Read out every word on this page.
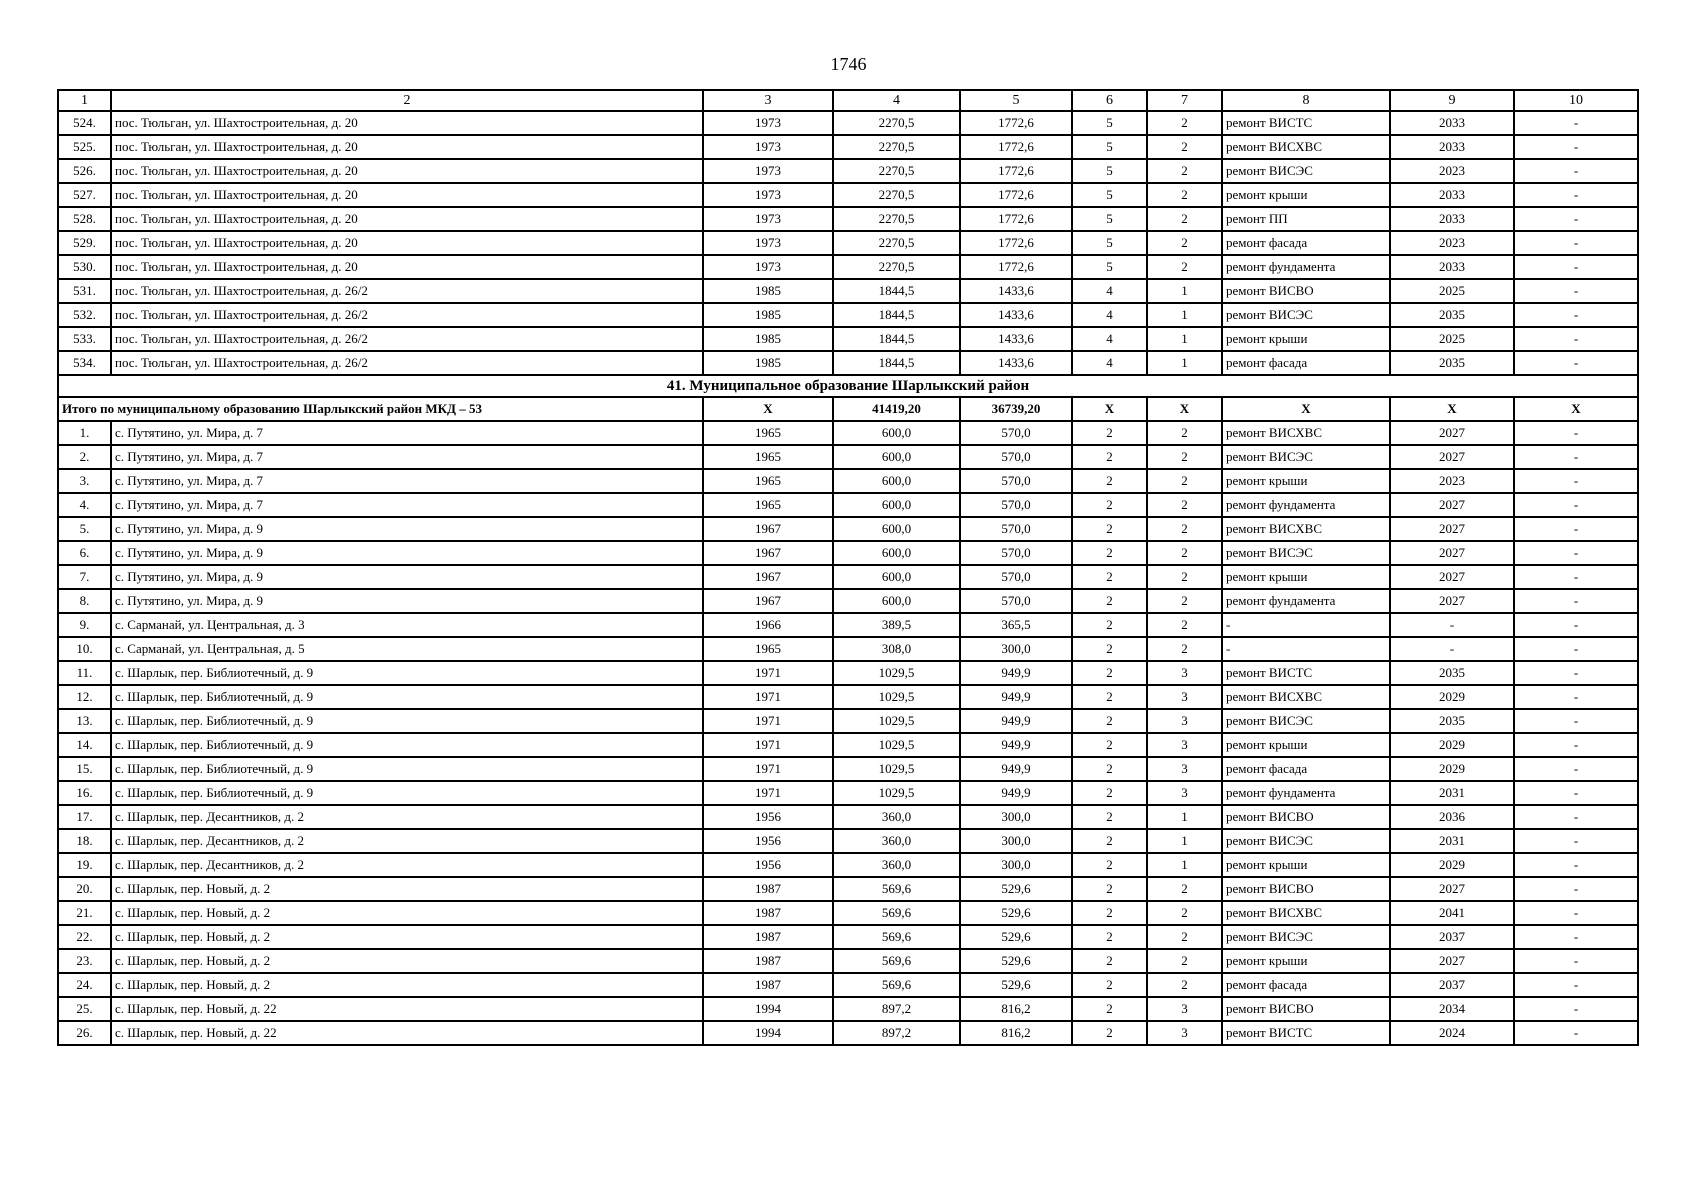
1746
1	2	3	4	5	6	7	8	9	10
524.	пос. Тюльган, ул. Шахтостроительная, д. 20	1973	2270,5	1772,6	5	2	ремонт ВИСТС	2033	-
525.	пос. Тюльган, ул. Шахтостроительная, д. 20	1973	2270,5	1772,6	5	2	ремонт ВИСХВС	2033	-
526.	пос. Тюльган, ул. Шахтостроительная, д. 20	1973	2270,5	1772,6	5	2	ремонт ВИСЭС	2023	-
527.	пос. Тюльган, ул. Шахтостроительная, д. 20	1973	2270,5	1772,6	5	2	ремонт крыши	2033	-
528.	пос. Тюльган, ул. Шахтостроительная, д. 20	1973	2270,5	1772,6	5	2	ремонт ПП	2033	-
529.	пос. Тюльган, ул. Шахтостроительная, д. 20	1973	2270,5	1772,6	5	2	ремонт фасада	2023	-
530.	пос. Тюльган, ул. Шахтостроительная, д. 20	1973	2270,5	1772,6	5	2	ремонт фундамента	2033	-
531.	пос. Тюльган, ул. Шахтостроительная, д. 26/2	1985	1844,5	1433,6	4	1	ремонт ВИСВО	2025	-
532.	пос. Тюльган, ул. Шахтостроительная, д. 26/2	1985	1844,5	1433,6	4	1	ремонт ВИСЭС	2035	-
533.	пос. Тюльган, ул. Шахтостроительная, д. 26/2	1985	1844,5	1433,6	4	1	ремонт крыши	2025	-
534.	пос. Тюльган, ул. Шахтостроительная, д. 26/2	1985	1844,5	1433,6	4	1	ремонт фасада	2035	-
41. Муниципальное образование Шарлыкский район									
Итого по муниципальному образованию Шарлыкский район МКД – 53		X	41419,20	36739,20	X	X	X	X	X
1.	с. Путятино, ул. Мира, д. 7	1965	600,0	570,0	2	2	ремонт ВИСХВС	2027	-
2.	с. Путятино, ул. Мира, д. 7	1965	600,0	570,0	2	2	ремонт ВИСЭС	2027	-
3.	с. Путятино, ул. Мира, д. 7	1965	600,0	570,0	2	2	ремонт крыши	2023	-
4.	с. Путятино, ул. Мира, д. 7	1965	600,0	570,0	2	2	ремонт фундамента	2027	-
5.	с. Путятино, ул. Мира, д. 9	1967	600,0	570,0	2	2	ремонт ВИСХВС	2027	-
6.	с. Путятино, ул. Мира, д. 9	1967	600,0	570,0	2	2	ремонт ВИСЭС	2027	-
7.	с. Путятино, ул. Мира, д. 9	1967	600,0	570,0	2	2	ремонт крыши	2027	-
8.	с. Путятино, ул. Мира, д. 9	1967	600,0	570,0	2	2	ремонт фундамента	2027	-
9.	с. Сарманай, ул. Центральная, д. 3	1966	389,5	365,5	2	2	-	-	-
10.	с. Сарманай, ул. Центральная, д. 5	1965	308,0	300,0	2	2	-	-	-
11.	с. Шарлык, пер. Библиотечный, д. 9	1971	1029,5	949,9	2	3	ремонт ВИСТС	2035	-
12.	с. Шарлык, пер. Библиотечный, д. 9	1971	1029,5	949,9	2	3	ремонт ВИСХВС	2029	-
13.	с. Шарлык, пер. Библиотечный, д. 9	1971	1029,5	949,9	2	3	ремонт ВИСЭС	2035	-
14.	с. Шарлык, пер. Библиотечный, д. 9	1971	1029,5	949,9	2	3	ремонт крыши	2029	-
15.	с. Шарлык, пер. Библиотечный, д. 9	1971	1029,5	949,9	2	3	ремонт фасада	2029	-
16.	с. Шарлык, пер. Библиотечный, д. 9	1971	1029,5	949,9	2	3	ремонт фундамента	2031	-
17.	с. Шарлык, пер. Десантников, д. 2	1956	360,0	300,0	2	1	ремонт ВИСВО	2036	-
18.	с. Шарлык, пер. Десантников, д. 2	1956	360,0	300,0	2	1	ремонт ВИСЭС	2031	-
19.	с. Шарлык, пер. Десантников, д. 2	1956	360,0	300,0	2	1	ремонт крыши	2029	-
20.	с. Шарлык, пер. Новый, д. 2	1987	569,6	529,6	2	2	ремонт ВИСВО	2027	-
21.	с. Шарлык, пер. Новый, д. 2	1987	569,6	529,6	2	2	ремонт ВИСХВС	2041	-
22.	с. Шарлык, пер. Новый, д. 2	1987	569,6	529,6	2	2	ремонт ВИСЭС	2037	-
23.	с. Шарлык, пер. Новый, д. 2	1987	569,6	529,6	2	2	ремонт крыши	2027	-
24.	с. Шарлык, пер. Новый, д. 2	1987	569,6	529,6	2	2	ремонт фасада	2037	-
25.	с. Шарлык, пер. Новый, д. 22	1994	897,2	816,2	2	3	ремонт ВИСВО	2034	-
26.	с. Шарлык, пер. Новый, д. 22	1994	897,2	816,2	2	3	ремонт ВИСТС	2024	-
